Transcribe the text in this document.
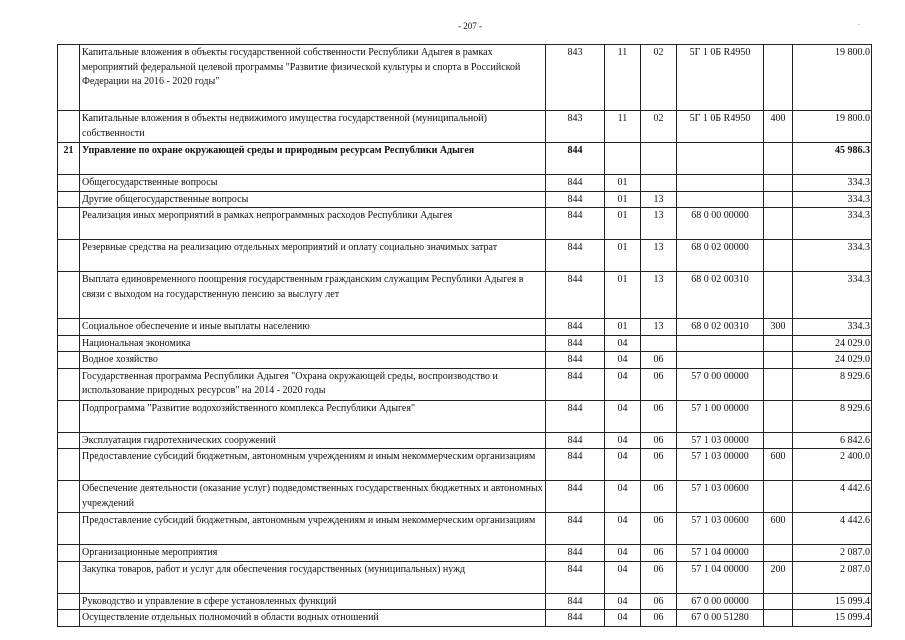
- 207 -	.
	Капитальные вложения в объекты государственной собственности Республики Адыгея в рамках мероприятий федеральной целевой программы "Развитие физической культуры и спорта в Российской Федерации на 2016 - 2020 годы"	843	11	02	5Г 1 0Б R4950		19 800.0
	Капитальные вложения в объекты недвижимого имущества государственной (муниципальной) собственности	843	11	02	5Г 1 0Б R4950	400	19 800.0
21	Управление по охране окружающей среды и природным ресурсам Республики Адыгея	844					45 986.3
	Общегосударственные вопросы	844	01				334.3
	Другие общегосударственные вопросы	844	01	13			334.3
	Реализация иных мероприятий в рамках непрограммных расходов Республики Адыгея	844	01	13	68 0 00 00000		334.3
	Резервные средства на реализацию отдельных мероприятий и оплату социально значимых затрат	844	01	13	68 0 02 00000		334.3
	Выплата единовременного поощрения государственным гражданским служащим Республики Адыгея в связи с выходом на государственную пенсию за выслугу лет	844	01	13	68 0 02 00310		334.3
	Социальное обеспечение и иные выплаты населению	844	01	13	68 0 02 00310	300	334.3
	Национальная экономика	844	04				24 029.0
	Водное хозяйство	844	04	06			24 029.0
	Государственная программа Республики Адыгея "Охрана окружающей среды, воспроизводство и использование природных ресурсов" на 2014 - 2020 годы	844	04	06	57 0 00 00000		8 929.6
	Подпрограмма "Развитие водохозяйственного комплекса Республики Адыгея"	844	04	06	57 1 00 00000		8 929.6
	Эксплуатация гидротехнических сооружений	844	04	06	57 1 03 00000		6 842.6
	Предоставление субсидий бюджетным, автономным учреждениям и иным некоммерческим организациям	844	04	06	57 1 03 00000	600	2 400.0
	Обеспечение деятельности (оказание услуг) подведомственных государственных бюджетных и автономных учреждений	844	04	06	57 1 03 00600		4 442.6
	Предоставление субсидий бюджетным, автономным учреждениям и иным некоммерческим организациям	844	04	06	57 1 03 00600	600	4 442.6
	Организационные мероприятия	844	04	06	57 1 04 00000		2 087.0
	Закупка товаров, работ и услуг для обеспечения государственных (муниципальных) нужд	844	04	06	57 1 04 00000	200	2 087.0
	Руководство и управление в сфере установленных функций	844	04	06	67 0 00 00000		15 099.4
	Осуществление отдельных полномочий в области водных отношений	844	04	06	67 0 00 51280		15 099.4
